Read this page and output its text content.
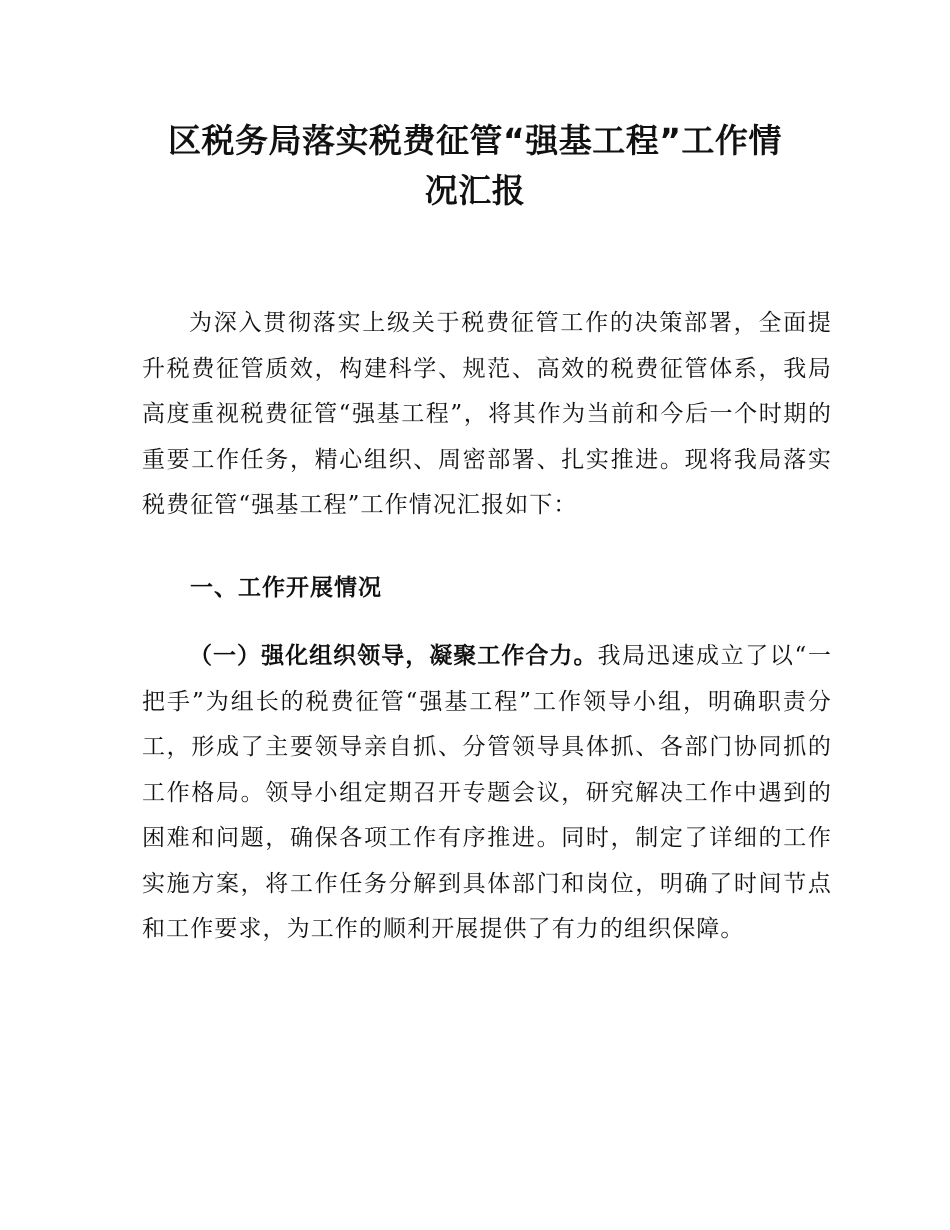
区税务局落实税费征管“强基工程”工作情
况汇报

为深入贯彻落实上级关于税费征管工作的决策部署，全面提升税费征管质效，构建科学、规范、高效的税费征管体系，我局高度重视税费征管“强基工程”，将其作为当前和今后一个时期的重要工作任务，精心组织、周密部署、扎实推进。现将我局落实税费征管“强基工程”工作情况汇报如下：

一、工作开展情况

（一）强化组织领导，凝聚工作合力。我局迅速成立了以“一把手”为组长的税费征管“强基工程”工作领导小组，明确职责分工，形成了主要领导亲自抓、分管领导具体抓、各部门协同抓的工作格局。领导小组定期召开专题会议，研究解决工作中遇到的困难和问题，确保各项工作有序推进。同时，制定了详细的工作实施方案，将工作任务分解到具体部门和岗位，明确了时间节点和工作要求，为工作的顺利开展提供了有力的组织保障。
